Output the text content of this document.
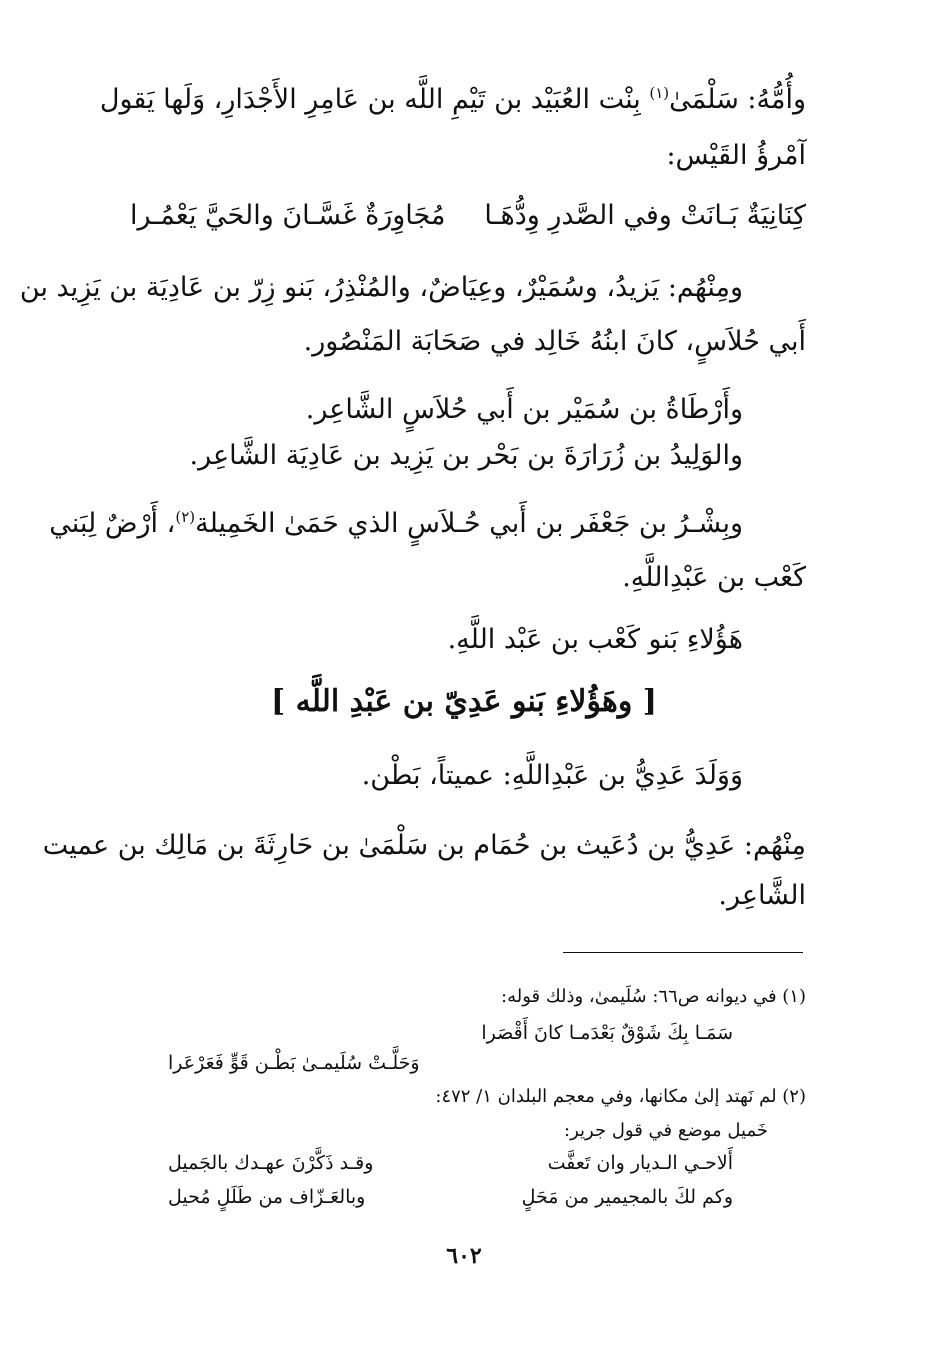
وأُمُّهُ: سَلْمَىٰ$^{(١)}$ بِنْت العُبَيْد بن تَيْمِ اللَّه بن عَامِرِ الأَجْدَارِ، وَلَها يَقول
آمْرؤُ القَيْس:
كِنَانِيَةٌ بَـانَتْ وفي الصَّدرِ وِدُّهَـا
مُجَاوِرَةٌ غَسَّـانَ والحَيَّ يَعْمُـرا
ومِنْهُم: يَزيدُ، وسُمَيْرٌ، وعِيَاضٌ، والمُنْذِرُ، بَنو زِرّ بن عَادِيَة بن يَزِيد بن
أَبي حُلاَسٍ، كانَ ابنُهُ خَالِد في صَحَابَة المَنْصُور.
وأَرْطَاةُ بن سُمَيْر بن أَبي حُلاَسٍ الشَّاعِر.
والوَلِيدُ بن زُرَارَةَ بن بَحْر بن يَزِيد بن عَادِيَة الشَّاعِر.
وبِشْـرُ بن جَعْفَر بن أَبي حُـلاَسٍ الذي حَمَىٰ الخَمِيلة$^{(٢)}$، أَرْضٌ لِبَني
كَعْب بن عَبْدِاللَّهِ.
هَؤُلاءِ بَنو كَعْب بن عَبْد اللَّهِ.
[ وهَؤُلاءِ بَنو عَدِيّ بن عَبْدِ اللَّه ]
وَوَلَدَ عَدِيُّ بن عَبْدِاللَّهِ: عميتاً، بَطْن.
مِنْهُم: عَدِيُّ بن دُعَيث بن حُمَام بن سَلْمَىٰ بن حَارِثَةَ بن مَالِك بن عميت
الشَّاعِر.
(١) في ديوانه ص٦٦: سُلَيمىٰ، وذلك قوله:
سَمَـا بِكَ شَوْقٌ بَعْدَمـا كانَ أَقْصَرا
وَحَلَّـتْ سُلَيمـىٰ بَطْـن قَوٍّ فَعَرْعَرا
(٢) لم نَهتد إلىٰ مكانها، وفي معجم البلدان ١/ ٤٧٢:
خَميل موضع في قول جرير:
أَلاحـي الـديار وان تَعفَّت
وقـد ذَكَّرْنَ عهـدك بالجَميل
وكم لكَ بالمجيمير من مَحَلٍ
وبالعَـزّاف من طَلَلٍ مُحيل
٦٠٢
